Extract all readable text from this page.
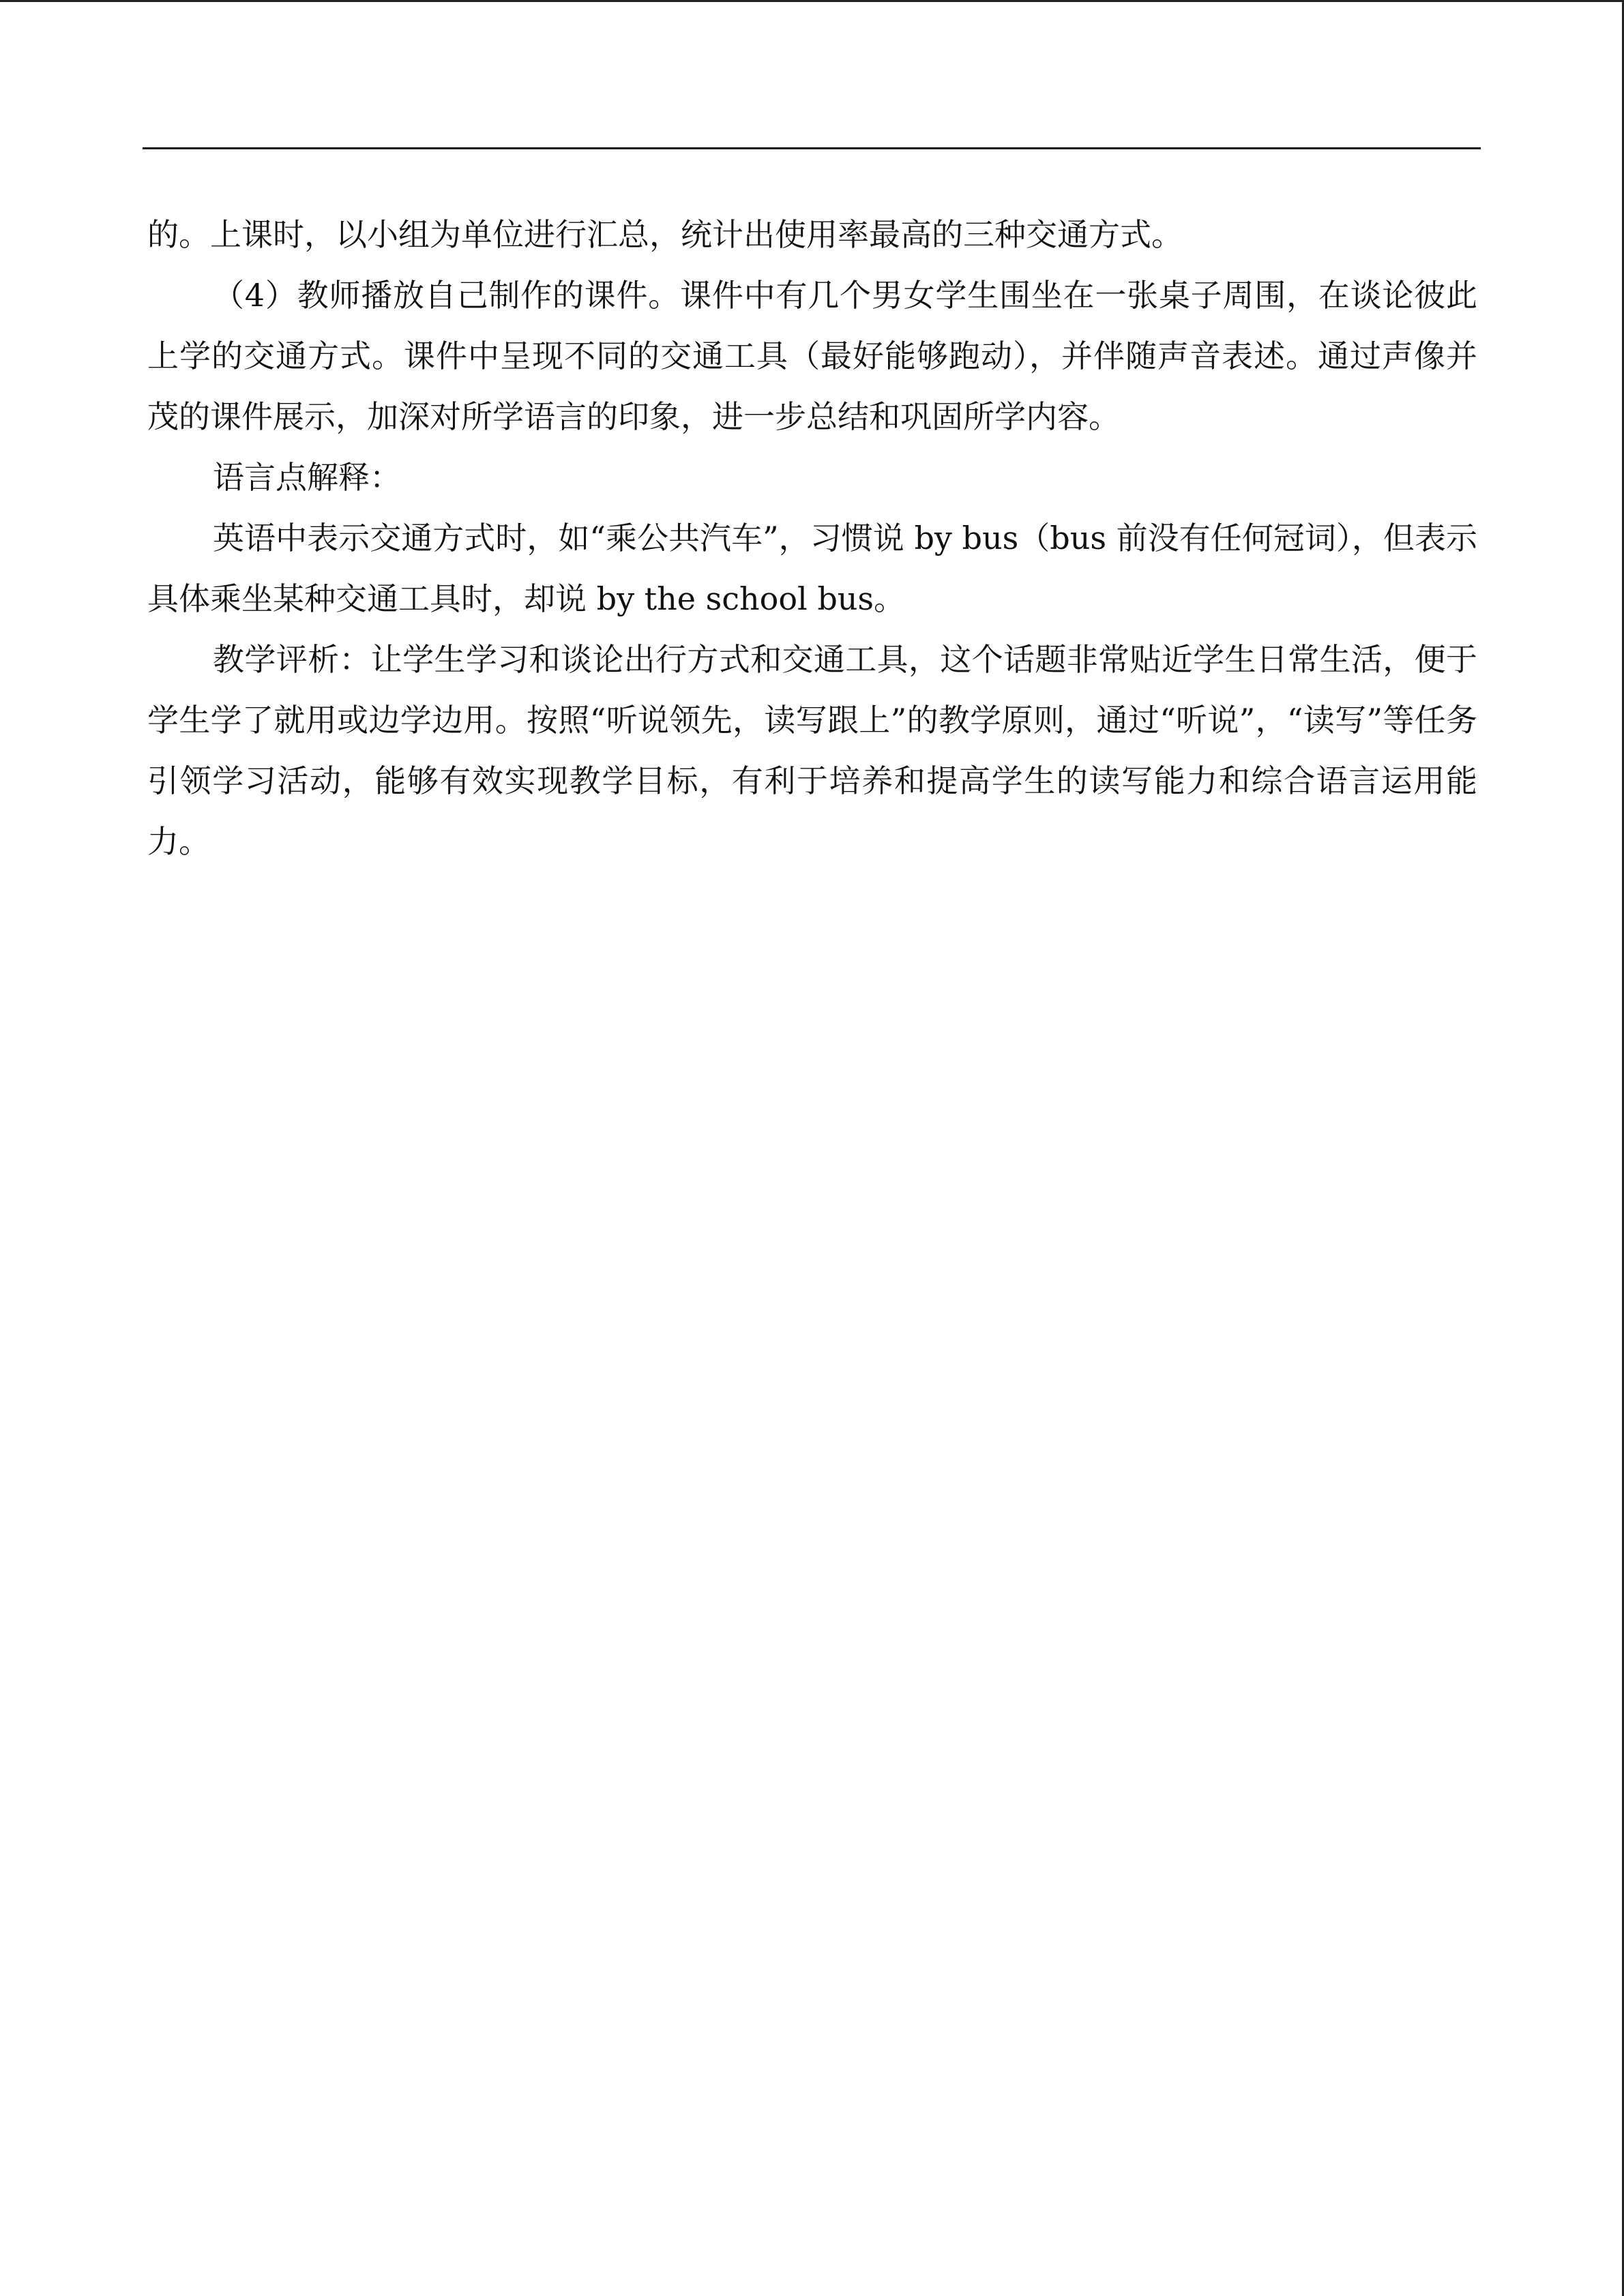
的。上课时，以小组为单位进行汇总，统计出使用率最高的三种交通方式。

（4）教师播放自己制作的课件。课件中有几个男女学生围坐在一张桌子周围，在谈论彼此上学的交通方式。课件中呈现不同的交通工具（最好能够跑动），并伴随声音表述。通过声像并茂的课件展示，加深对所学语言的印象，进一步总结和巩固所学内容。

语言点解释：

英语中表示交通方式时，如“乘公共汽车”，习惯说 by bus（bus 前没有任何冠词），但表示具体乘坐某种交通工具时，却说 by the school bus。

教学评析：让学生学习和谈论出行方式和交通工具，这个话题非常贴近学生日常生活，便于学生学了就用或边学边用。按照“听说领先，读写跟上”的教学原则，通过“听说”，“读写”等任务引领学习活动，能够有效实现教学目标，有利于培养和提高学生的读写能力和综合语言运用能力。
